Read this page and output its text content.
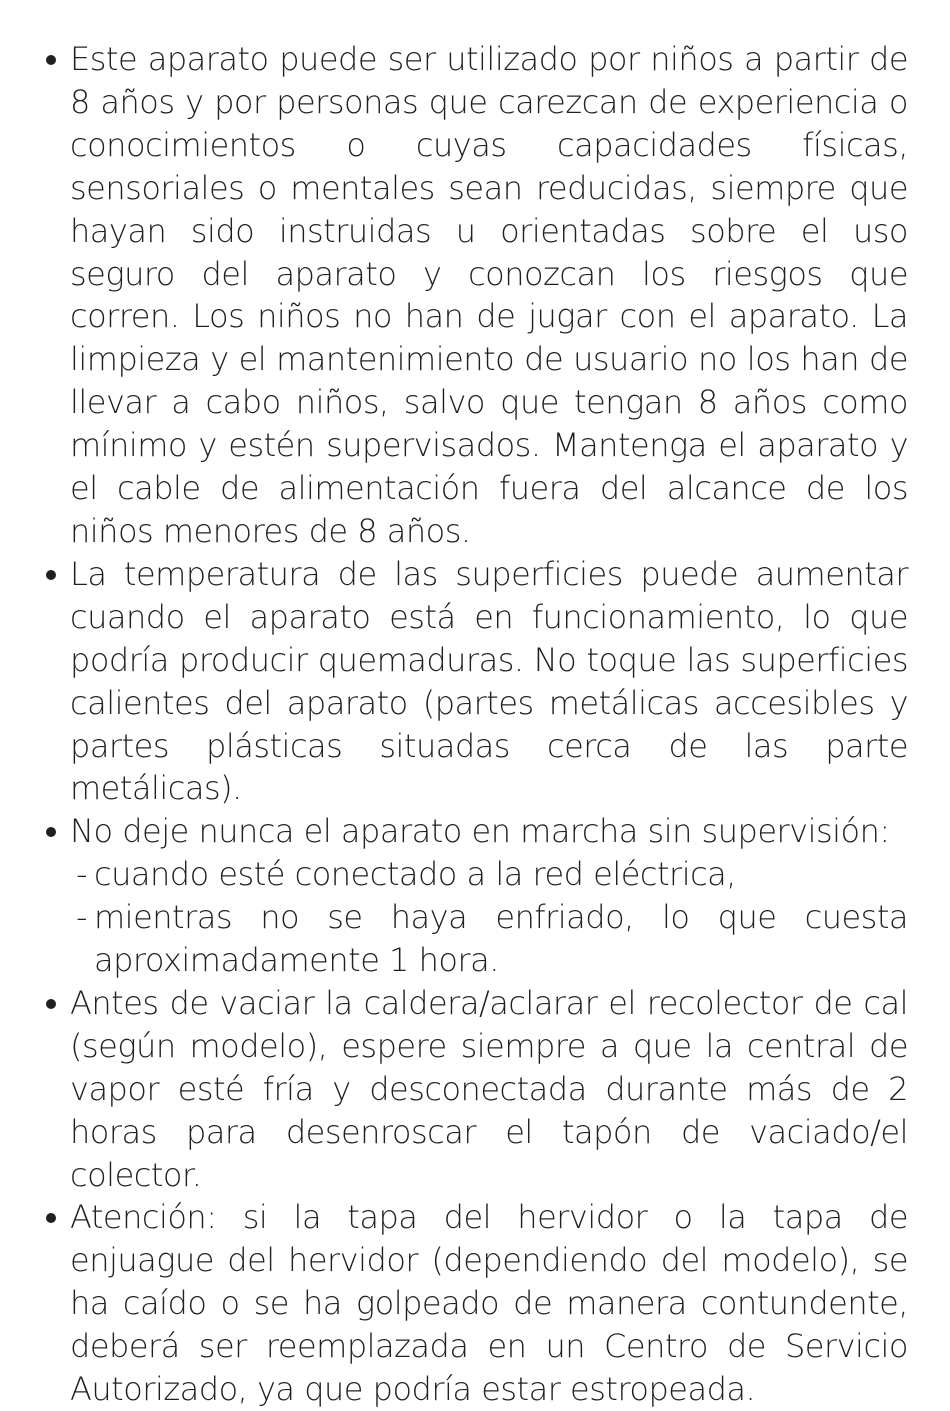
Este aparato puede ser utilizado por niños a partir de 8 años y por personas que carezcan de experiencia o conocimientos o cuyas capacidades físicas, sensoriales o mentales sean reducidas, siempre que hayan sido instruidas u orientadas sobre el uso seguro del aparato y conozcan los riesgos que corren. Los niños no han de jugar con el aparato. La limpieza y el mantenimiento de usuario no los han de llevar a cabo niños, salvo que tengan 8 años como mínimo y estén supervisados. Mantenga el aparato y el cable de alimentación fuera del alcance de los niños menores de 8 años.
La temperatura de las superficies puede aumentar cuando el aparato está en funcionamiento, lo que podría producir quemaduras. No toque las superficies calientes del aparato (partes metálicas accesibles y partes plásticas situadas cerca de las parte metálicas).
No deje nunca el aparato en marcha sin supervisión:
- cuando esté conectado a la red eléctrica,
- mientras no se haya enfriado, lo que cuesta aproximadamente 1 hora.
Antes de vaciar la caldera/aclarar el recolector de cal (según modelo), espere siempre a que la central de vapor esté fría y desconectada durante más de 2 horas para desenroscar el tapón de vaciado/el colector.
Atención: si la tapa del hervidor o la tapa de enjuague del hervidor (dependiendo del modelo), se ha caído o se ha golpeado de manera contundente, deberá ser reemplazada en un Centro de Servicio Autorizado, ya que podría estar estropeada.
